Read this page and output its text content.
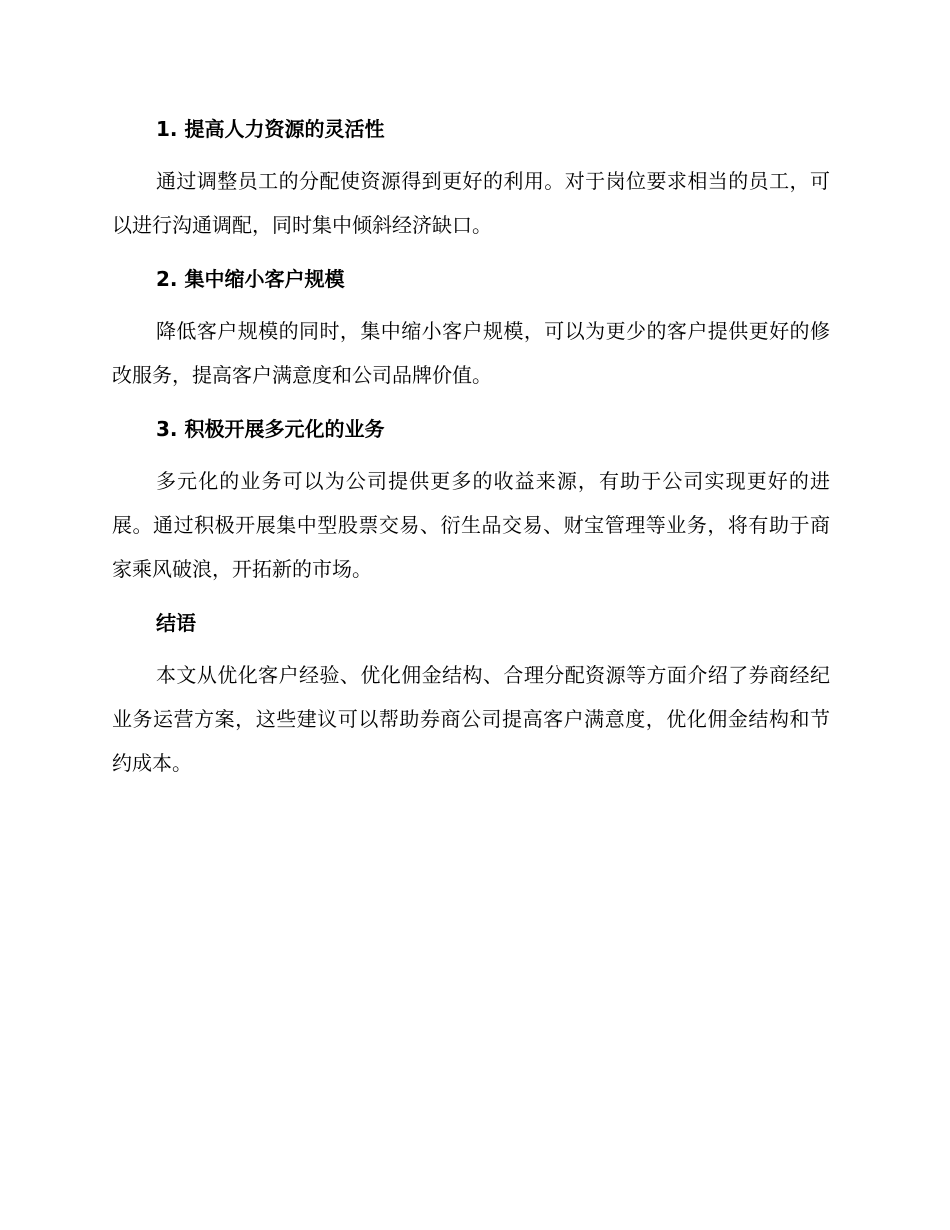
1. 提高人力资源的灵活性

通过调整员工的分配使资源得到更好的利用。对于岗位要求相当的员工，可以进行沟通调配，同时集中倾斜经济缺口。

2. 集中缩小客户规模

降低客户规模的同时，集中缩小客户规模，可以为更少的客户提供更好的修改服务，提高客户满意度和公司品牌价值。

3. 积极开展多元化的业务

多元化的业务可以为公司提供更多的收益来源，有助于公司实现更好的进展。通过积极开展集中型股票交易、衍生品交易、财宝管理等业务，将有助于商家乘风破浪，开拓新的市场。

结语

本文从优化客户经验、优化佣金结构、合理分配资源等方面介绍了券商经纪业务运营方案，这些建议可以帮助券商公司提高客户满意度，优化佣金结构和节约成本。
